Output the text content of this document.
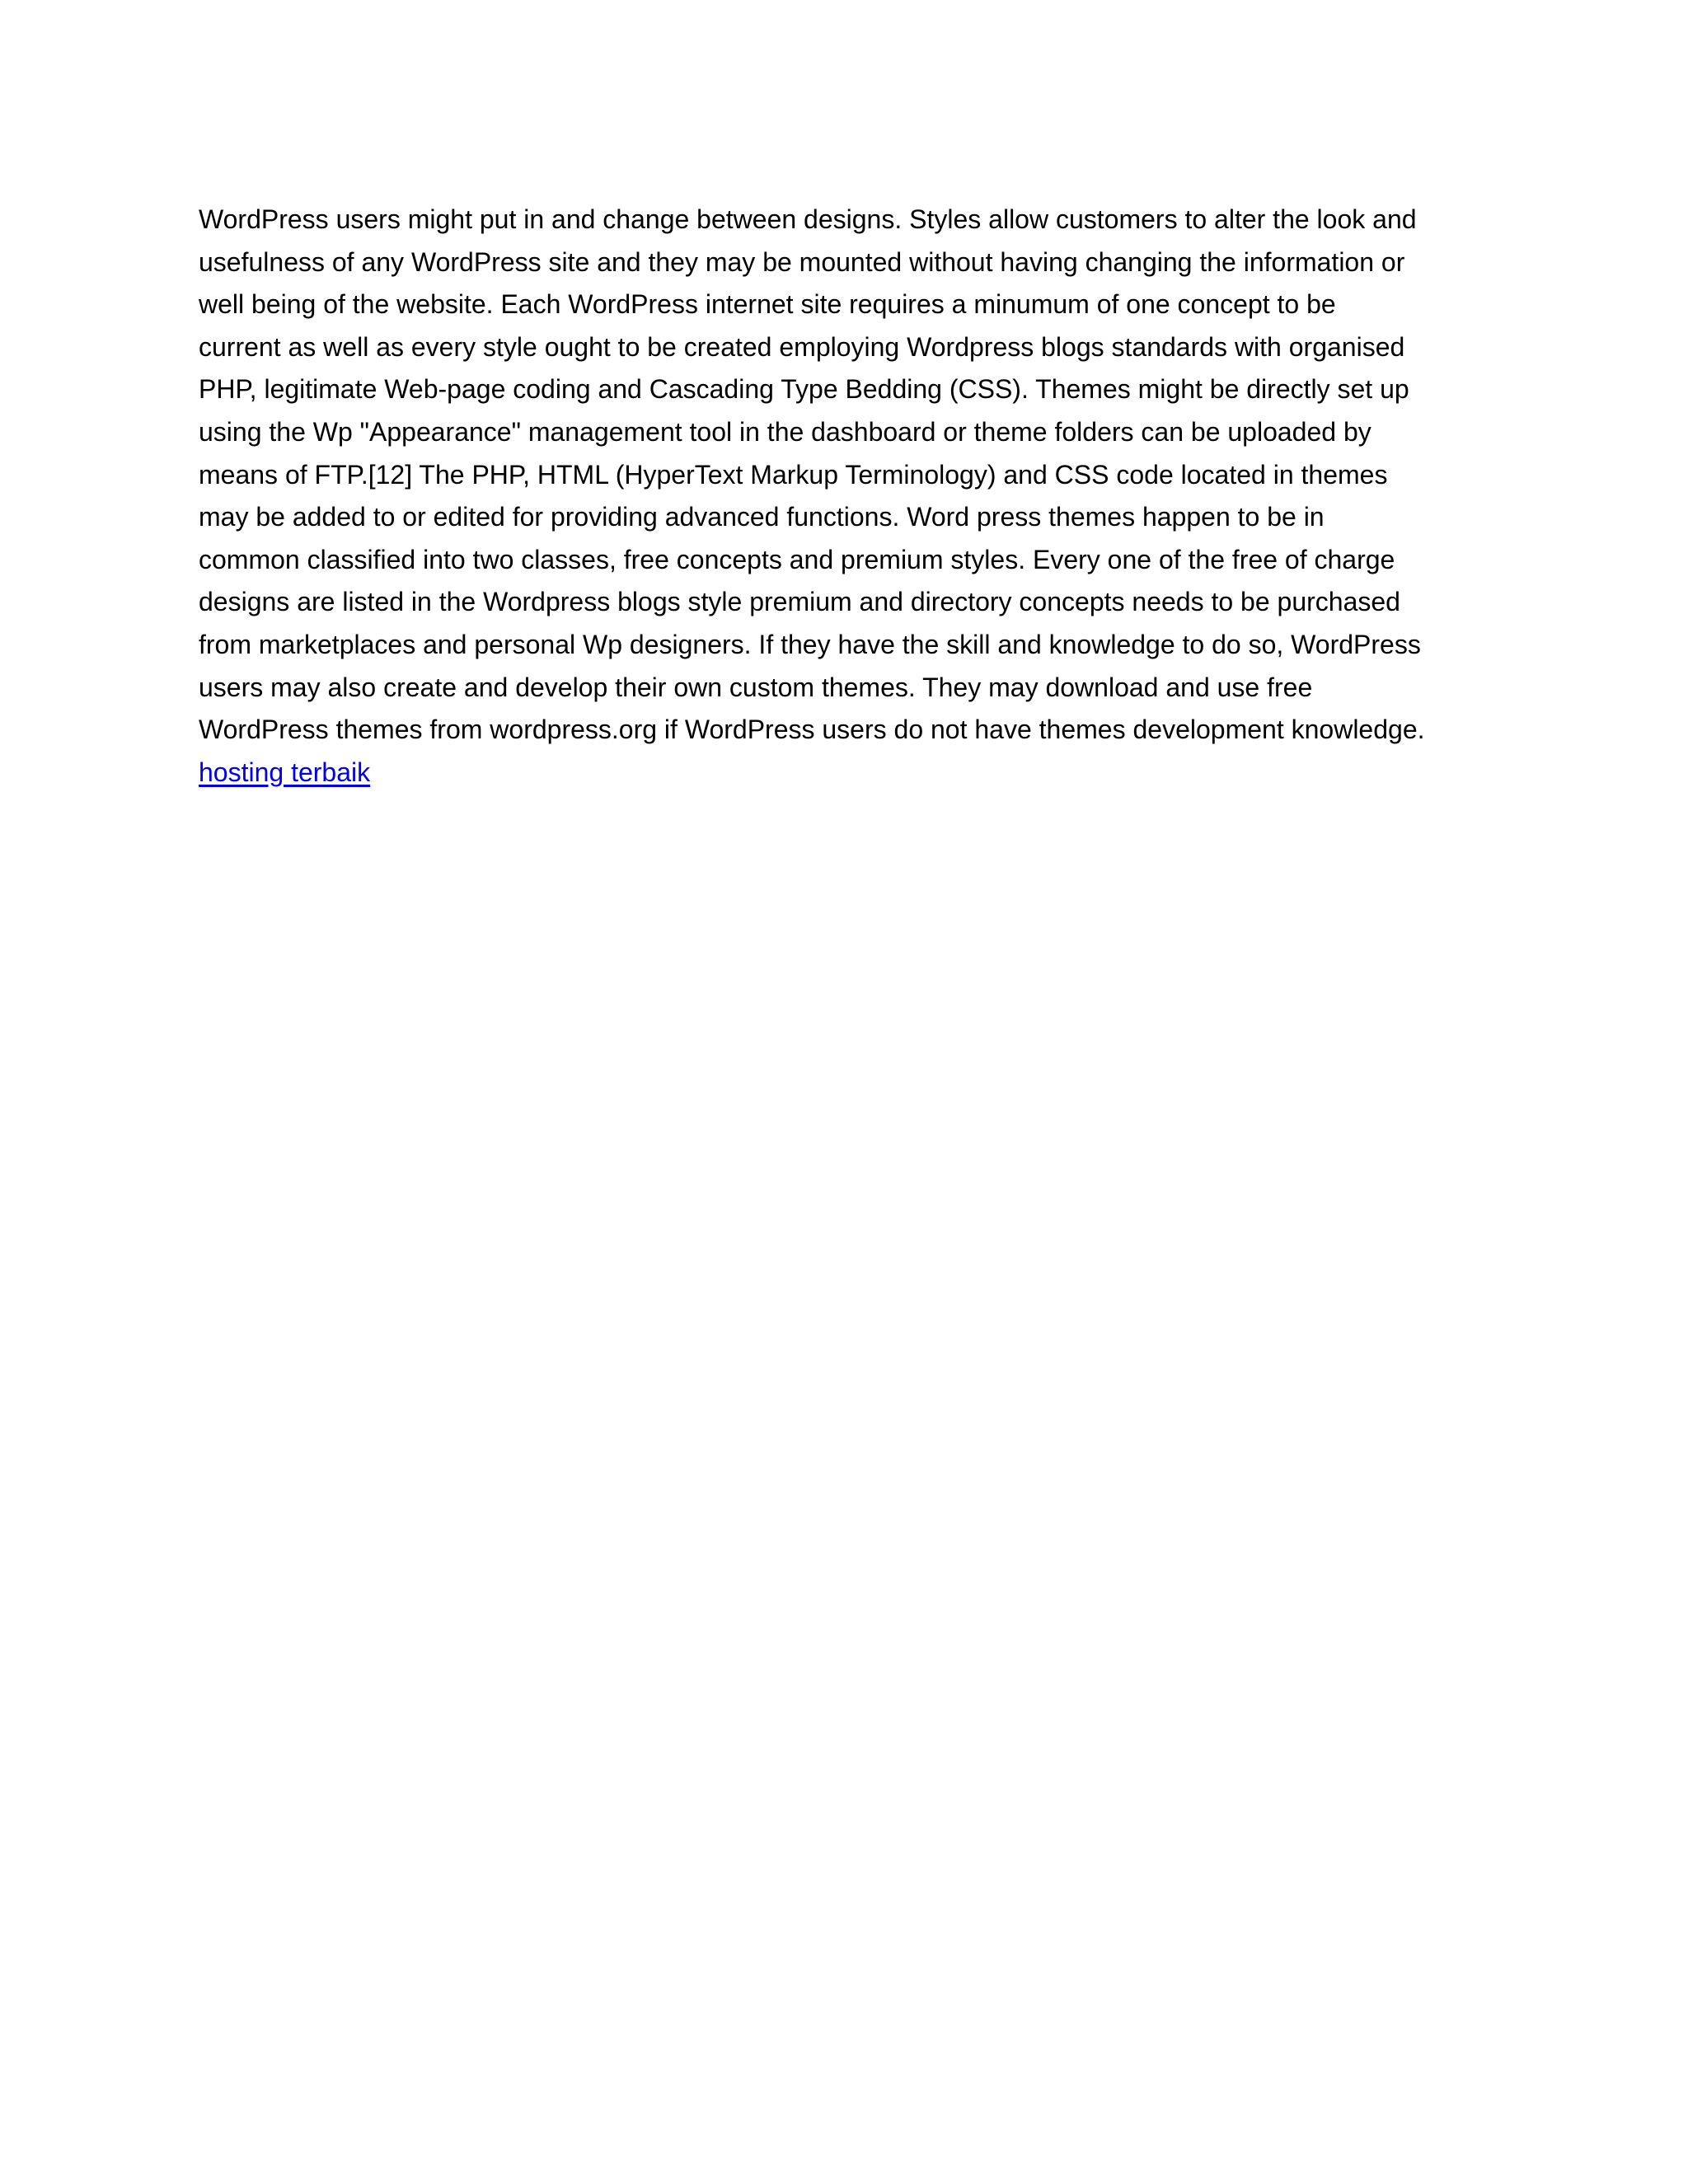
WordPress users might put in and change between designs. Styles allow customers to alter the look and
usefulness of any WordPress site and they may be mounted without having changing the information or
well being of the website. Each WordPress internet site requires a minumum of one concept to be
current as well as every style ought to be created employing Wordpress blogs standards with organised
PHP, legitimate Web-page coding and Cascading Type Bedding (CSS). Themes might be directly set up
using the Wp "Appearance" management tool in the dashboard or theme folders can be uploaded by
means of FTP.[12] The PHP, HTML (HyperText Markup Terminology) and CSS code located in themes
may be added to or edited for providing advanced functions. Word press themes happen to be in
common classified into two classes, free concepts and premium styles. Every one of the free of charge
designs are listed in the Wordpress blogs style premium and directory concepts needs to be purchased
from marketplaces and personal Wp designers. If they have the skill and knowledge to do so, WordPress
users may also create and develop their own custom themes. They may download and use free
WordPress themes from wordpress.org if WordPress users do not have themes development knowledge.
hosting terbaik
